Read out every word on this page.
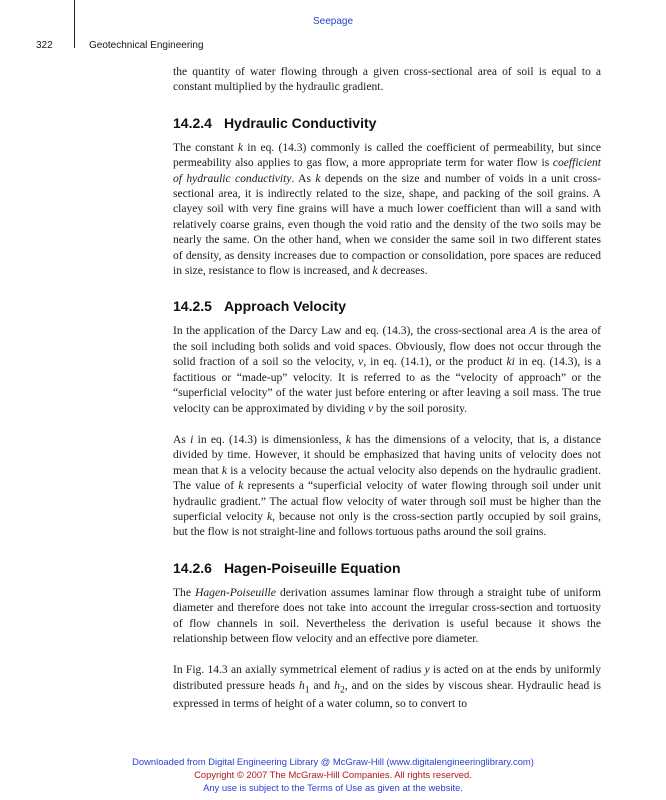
Seepage
322	Geotechnical Engineering

the quantity of water flowing through a given cross-sectional area of soil is equal to a constant multiplied by the hydraulic gradient.

14.2.4 Hydraulic Conductivity

The constant k in eq. (14.3) commonly is called the coefficient of permeability, but since permeability also applies to gas flow, a more appropriate term for water flow is coefficient of hydraulic conductivity. As k depends on the size and number of voids in a unit cross-sectional area, it is indirectly related to the size, shape, and packing of the soil grains. A clayey soil with very fine grains will have a much lower coefficient than will a sand with relatively coarse grains, even though the void ratio and the density of the two soils may be nearly the same. On the other hand, when we consider the same soil in two different states of density, as density increases due to compaction or consolidation, pore spaces are reduced in size, resistance to flow is increased, and k decreases.

14.2.5 Approach Velocity

In the application of the Darcy Law and eq. (14.3), the cross-sectional area A is the area of the soil including both solids and void spaces. Obviously, flow does not occur through the solid fraction of a soil so the velocity, v, in eq. (14.1), or the product ki in eq. (14.3), is a factitious or “made-up” velocity. It is referred to as the “velocity of approach” or the “superficial velocity” of the water just before entering or after leaving a soil mass. The true velocity can be approximated by dividing v by the soil porosity.

As i in eq. (14.3) is dimensionless, k has the dimensions of a velocity, that is, a distance divided by time. However, it should be emphasized that having units of velocity does not mean that k is a velocity because the actual velocity also depends on the hydraulic gradient. The value of k represents a “superficial velocity of water flowing through soil under unit hydraulic gradient.” The actual flow velocity of water through soil must be higher than the superficial velocity k, because not only is the cross-section partly occupied by soil grains, but the flow is not straight-line and follows tortuous paths around the soil grains.

14.2.6 Hagen-Poiseuille Equation

The Hagen-Poiseuille derivation assumes laminar flow through a straight tube of uniform diameter and therefore does not take into account the irregular cross-section and tortuosity of flow channels in soil. Nevertheless the derivation is useful because it shows the relationship between flow velocity and an effective pore diameter.

In Fig. 14.3 an axially symmetrical element of radius y is acted on at the ends by uniformly distributed pressure heads $h_1$ and $h_2$, and on the sides by viscous shear. Hydraulic head is expressed in terms of height of a water column, so to convert to

Downloaded from Digital Engineering Library @ McGraw-Hill (www.digitalengineeringlibrary.com)
Copyright © 2007 The McGraw-Hill Companies. All rights reserved.
Any use is subject to the Terms of Use as given at the website.
